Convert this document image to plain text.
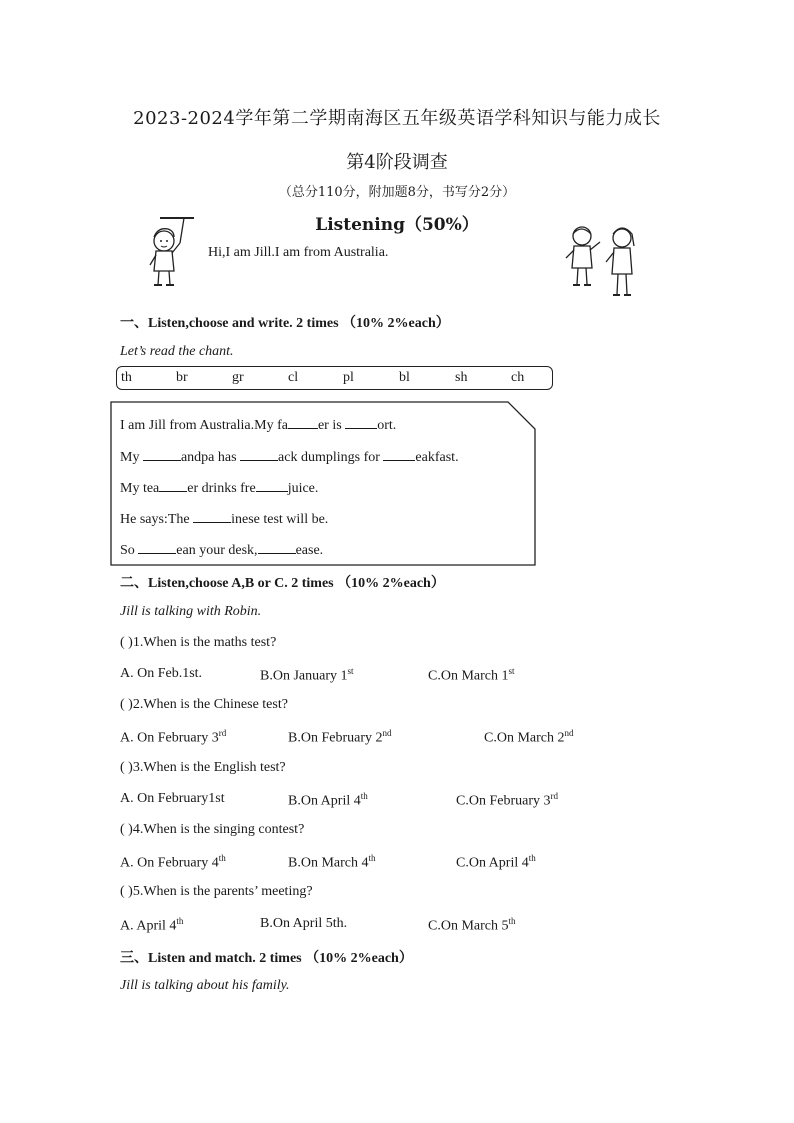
2023-2024学年第二学期南海区五年级英语学科知识与能力成长
第4阶段调查
（总分110分，附加题8分，书写分2分）
Listening（50%）
Hi,I am Jill.I am from Australia.
一、Listen,choose and write. 2 times （10% 2%each）
Let’s read the chant.
th	br	gr	cl	pl	bl	sh	ch
I am Jill from Australia.My fa er is ort.
My	andpa has	ack dumplings for eakfast.
My tea er drinks fre juice.
He says:The	inese test will be.
So	ean your desk,	ease.
二、Listen,choose A,B or C. 2 times （10% 2%each）
Jill is talking with Robin.
( )1.When is the maths test?
A. On Feb.1st.	B.On January 1st	C.On March 1st
( )2.When is the Chinese test?
A. On February 3rd	B.On February 2nd	C.On March 2nd
( )3.When is the English test?
A. On February1st	B.On April 4th	C.On February 3rd
( )4.When is the singing contest?
A. On February 4th	B.On March 4th	C.On April 4th
( )5.When is the parents’ meeting?
A. April 4th	B.On April 5th.	C.On March 5th
三、Listen and match. 2 times （10% 2%each）
Jill is talking about his family.
